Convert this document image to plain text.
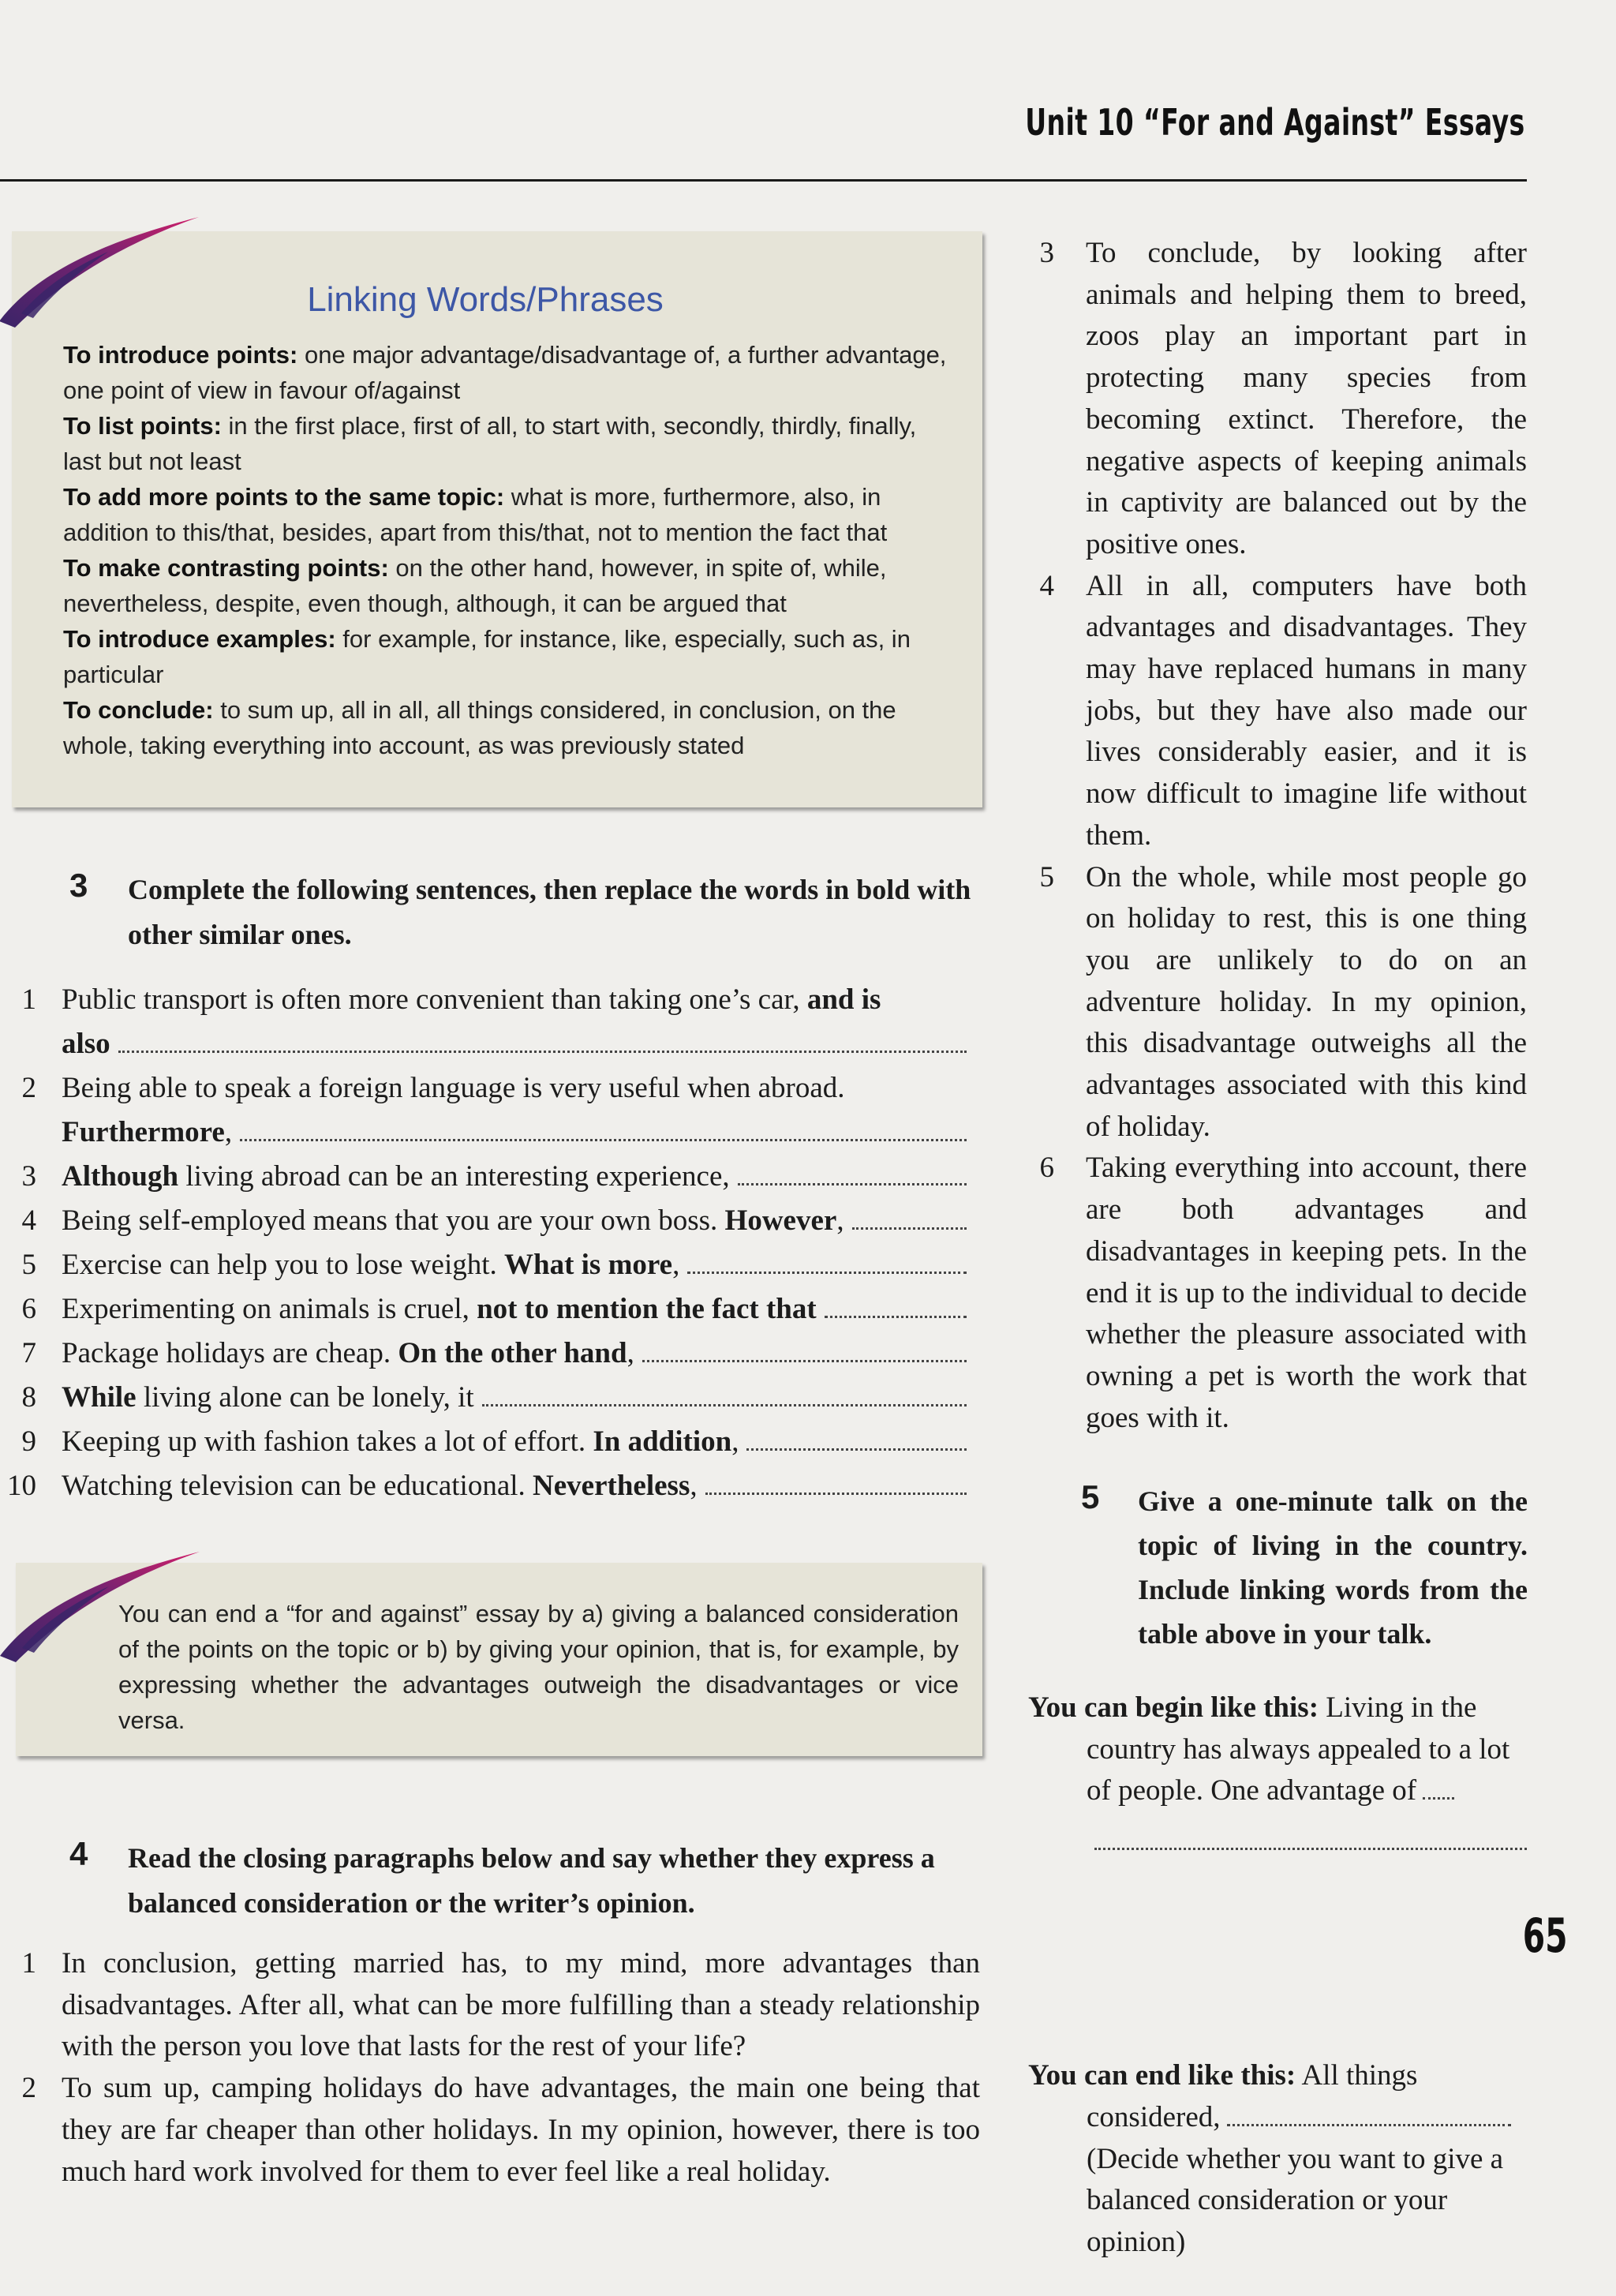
Unit 10 “For and Against” Essays
Linking Words/Phrases

To introduce points: one major advantage/disadvantage of, a further advantage, one point of view in favour of/against

To list points: in the first place, first of all, to start with, secondly, thirdly, finally, last but not least

To add more points to the same topic: what is more, furthermore, also, in addition to this/that, besides, apart from this/that, not to mention the fact that

To make contrasting points: on the other hand, however, in spite of, while, nevertheless, despite, even though, although, it can be argued that

To introduce examples: for example, for instance, like, especially, such as, in particular

To conclude: to sum up, all in all, all things considered, in conclusion, on the whole, taking everything into account, as was previously stated

3 Complete the following sentences, then replace the words in bold with other similar ones.
1 Public transport is often more convenient than taking one’s car, and is
also
2 Being able to speak a foreign language is very useful when abroad.
Furthermore,
3 Although living abroad can be an interesting experience,
4 Being self-employed means that you are your own boss. However,
5 Exercise can help you to lose weight. What is more,
6 Experimenting on animals is cruel, not to mention the fact that
7 Package holidays are cheap. On the other hand,
8 While living alone can be lonely, it
9 Keeping up with fashion takes a lot of effort. In addition,
10 Watching television can be educational. Nevertheless,
You can end a “for and against” essay by a) giving a balanced consideration of the points on the topic or b) by giving your opinion, that is, for example, by expressing whether the advantages outweigh the disadvantages or vice versa.
4 Read the closing paragraphs below and say whether they express a balanced consideration or the writer’s opinion.
1 In conclusion, getting married has, to my mind, more advantages than disadvantages. After all, what can be more fulfilling than a steady relationship with the person you love that lasts for the rest of your life?
2 To sum up, camping holidays do have advantages, the main one being that they are far cheaper than other holidays. In my opinion, however, there is too much hard work involved for them to ever feel like a real holiday.
3 To conclude, by looking after animals and helping them to breed, zoos play an important part in protecting many species from becoming extinct. Therefore, the negative aspects of keeping animals in captivity are balanced out by the positive ones.
4 All in all, computers have both advantages and disadvantages. They may have replaced humans in many jobs, but they have also made our lives considerably easier, and it is now difficult to imagine life without them.
5 On the whole, while most people go on holiday to rest, this is one thing you are unlikely to do on an adventure holiday. In my opinion, this disadvantage outweighs all the advantages associated with this kind of holiday.
6 Taking everything into account, there are both advantages and disadvantages in keeping pets. In the end it is up to the individual to decide whether the pleasure associated with owning a pet is worth the work that goes with it.
5 Give a one-minute talk on the topic of living in the country. Include linking words from the table above in your talk.
You can begin like this: Living in the country has always appealed to a lot of people. One advantage of
You can end like this: All things considered,
(Decide whether you want to give a balanced consideration or your opinion)
65
